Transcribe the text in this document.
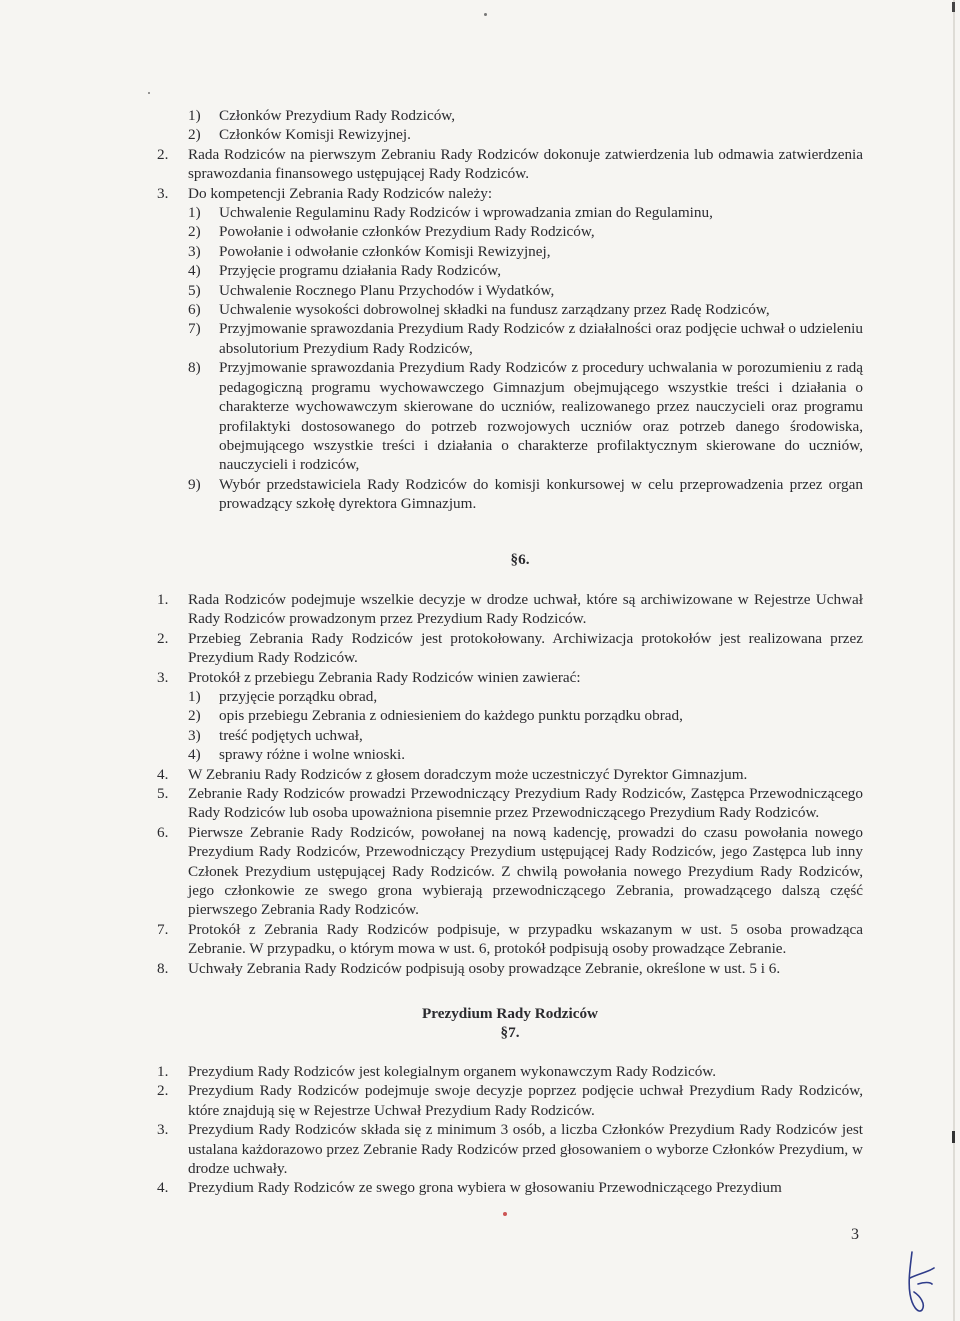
1) Członków Prezydium Rady Rodziców,
2) Członków Komisji Rewizyjnej.
2. Rada Rodziców na pierwszym Zebraniu Rady Rodziców dokonuje zatwierdzenia lub odmawia zatwierdzenia sprawozdania finansowego ustępującej Rady Rodziców.
3. Do kompetencji Zebrania Rady Rodziców należy:
1) Uchwalenie Regulaminu Rady Rodziców i wprowadzania zmian do Regulaminu,
2) Powołanie i odwołanie członków Prezydium Rady Rodziców,
3) Powołanie i odwołanie członków Komisji Rewizyjnej,
4) Przyjęcie programu działania Rady Rodziców,
5) Uchwalenie Rocznego Planu Przychodów i Wydatków,
6) Uchwalenie wysokości dobrowolnej składki na fundusz zarządzany przez Radę Rodziców,
7) Przyjmowanie sprawozdania Prezydium Rady Rodziców z działalności oraz podjęcie uchwał o udzieleniu absolutorium Prezydium Rady Rodziców,
8) Przyjmowanie sprawozdania Prezydium Rady Rodziców z procedury uchwalania w porozumieniu z radą pedagogiczną programu wychowawczego Gimnazjum obejmującego wszystkie treści i działania o charakterze wychowawczym skierowane do uczniów, realizowanego przez nauczycieli oraz programu profilaktyki dostosowanego do potrzeb rozwojowych uczniów oraz potrzeb danego środowiska, obejmującego wszystkie treści i działania o charakterze profilaktycznym skierowane do uczniów, nauczycieli i rodziców,
9) Wybór przedstawiciela Rady Rodziców do komisji konkursowej w celu przeprowadzenia przez organ prowadzący szkołę dyrektora Gimnazjum.
§6.
1. Rada Rodziców podejmuje wszelkie decyzje w drodze uchwał, które są archiwizowane w Rejestrze Uchwał Rady Rodziców prowadzonym przez Prezydium Rady Rodziców.
2. Przebieg Zebrania Rady Rodziców jest protokołowany. Archiwizacja protokołów jest realizowana przez Prezydium Rady Rodziców.
3. Protokół z przebiegu Zebrania Rady Rodziców winien zawierać:
1) przyjęcie porządku obrad,
2) opis przebiegu Zebrania z odniesieniem do każdego punktu porządku obrad,
3) treść podjętych uchwał,
4) sprawy różne i wolne wnioski.
4. W Zebraniu Rady Rodziców z głosem doradczym może uczestniczyć Dyrektor Gimnazjum.
5. Zebranie Rady Rodziców prowadzi Przewodniczący Prezydium Rady Rodziców, Zastępca Przewodniczącego Rady Rodziców lub osoba upoważniona pisemnie przez Przewodniczącego Prezydium Rady Rodziców.
6. Pierwsze Zebranie Rady Rodziców, powołanej na nową kadencję, prowadzi do czasu powołania nowego Prezydium Rady Rodziców, Przewodniczący Prezydium ustępującej Rady Rodziców, jego Zastępca lub inny Członek Prezydium ustępującej Rady Rodziców. Z chwilą powołania nowego Prezydium Rady Rodziców, jego członkowie ze swego grona wybierają przewodniczącego Zebrania, prowadzącego dalszą część pierwszego Zebrania Rady Rodziców.
7. Protokół z Zebrania Rady Rodziców podpisuje, w przypadku wskazanym w ust. 5 osoba prowadząca Zebranie. W przypadku, o którym mowa w ust. 6, protokół podpisują osoby prowadzące Zebranie.
8. Uchwały Zebrania Rady Rodziców podpisują osoby prowadzące Zebranie, określone w ust. 5 i 6.
Prezydium Rady Rodziców
§7.
1. Prezydium Rady Rodziców jest kolegialnym organem wykonawczym Rady Rodziców.
2. Prezydium Rady Rodziców podejmuje swoje decyzje poprzez podjęcie uchwał Prezydium Rady Rodziców, które znajdują się w Rejestrze Uchwał Prezydium Rady Rodziców.
3. Prezydium Rady Rodziców składa się z minimum 3 osób, a liczba Członków Prezydium Rady Rodziców jest ustalana każdorazowo przez Zebranie Rady Rodziców przed głosowaniem o wyborze Członków Prezydium, w drodze uchwały.
4. Prezydium Rady Rodziców ze swego grona wybiera w głosowaniu Przewodniczącego Prezydium
3
